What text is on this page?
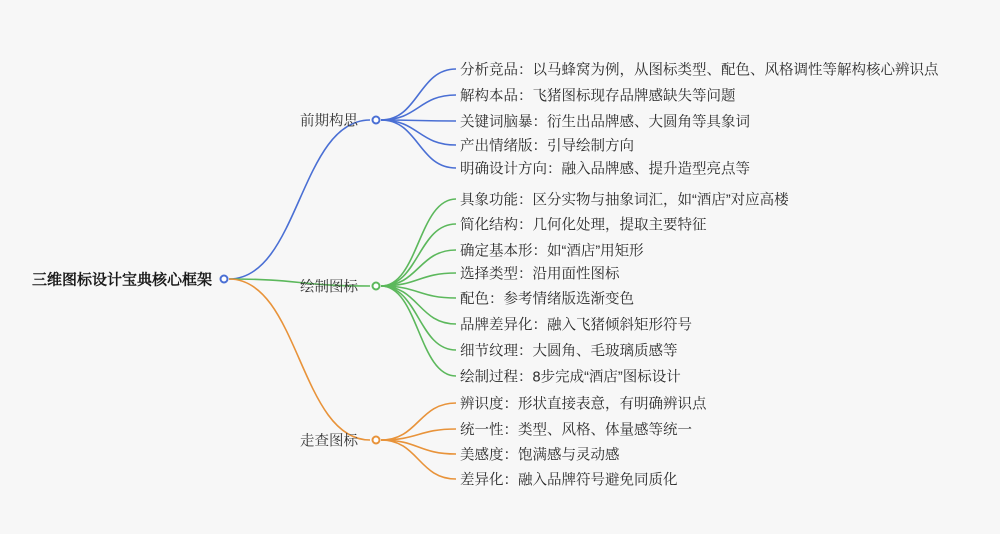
三维图标设计宝典核心框架
前期构思
分析竞品：以马蜂窝为例，从图标类型、配色、风格调性等解构核心辨识点
解构本品：飞猪图标现存品牌感缺失等问题
关键词脑暴：衍生出品牌感、大圆角等具象词
产出情绪版：引导绘制方向
明确设计方向：融入品牌感、提升造型亮点等
绘制图标
具象功能：区分实物与抽象词汇，如“酒店”对应高楼
简化结构：几何化处理，提取主要特征
确定基本形：如“酒店”用矩形
选择类型：沿用面性图标
配色：参考情绪版选渐变色
品牌差异化：融入飞猪倾斜矩形符号
细节纹理：大圆角、毛玻璃质感等
绘制过程：8步完成“酒店”图标设计
走查图标
辨识度：形状直接表意，有明确辨识点
统一性：类型、风格、体量感等统一
美感度：饱满感与灵动感
差异化：融入品牌符号避免同质化
